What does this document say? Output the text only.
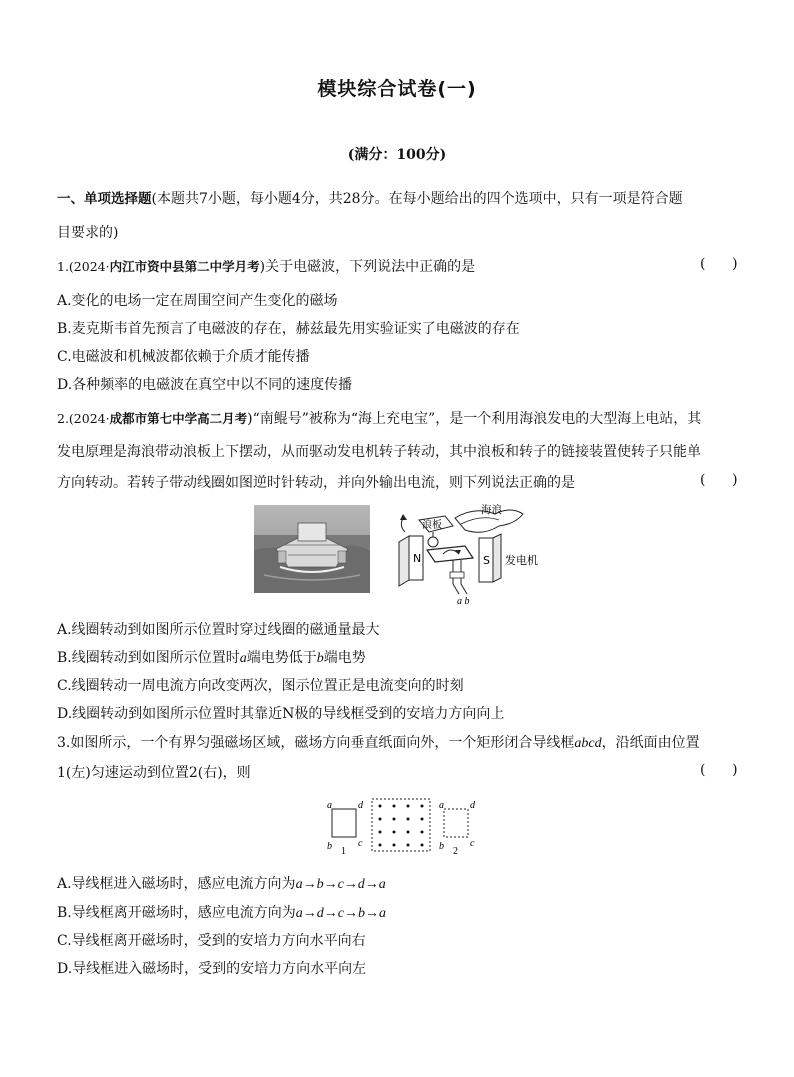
模块综合试卷(一)
(满分：100分)
一、单项选择题(本题共7小题，每小题4分，共28分。在每小题给出的四个选项中，只有一项是符合题
目要求的)
1.(2024·内江市资中县第二中学月考)关于电磁波，下列说法中正确的是	(      )
A.变化的电场一定在周围空间产生变化的磁场
B.麦克斯韦首先预言了电磁波的存在，赫兹最先用实验证实了电磁波的存在
C.电磁波和机械波都依赖于介质才能传播
D.各种频率的电磁波在真空中以不同的速度传播
2.(2024·成都市第七中学高二月考)“南鲲号”被称为“海上充电宝”，是一个利用海浪发电的大型海上电站，其
发电原理是海浪带动浪板上下摆动，从而驱动发电机转子转动，其中浪板和转子的链接装置使转子只能单
方向转动。若转子带动线圈如图逆时针转动，并向外输出电流，则下列说法正确的是	(      )
海浪
浪板
N	S 发电机
a b
A.线圈转动到如图所示位置时穿过线圈的磁通量最大
B.线圈转动到如图所示位置时a端电势低于b端电势
C.线圈转动一周电流方向改变两次，图示位置正是电流变向的时刻
D.线圈转动到如图所示位置时其靠近N极的导线框受到的安培力方向向上
3.如图所示，一个有界匀强磁场区域，磁场方向垂直纸面向外，一个矩形闭合导线框abcd，沿纸面由位置
1(左)匀速运动到位置2(右)，则	(      )
a	d
b	c
1
a	d
b	c
2
A.导线框进入磁场时，感应电流方向为a→b→c→d→a
B.导线框离开磁场时，感应电流方向为a→d→c→b→a
C.导线框离开磁场时，受到的安培力方向水平向右
D.导线框进入磁场时，受到的安培力方向水平向左
